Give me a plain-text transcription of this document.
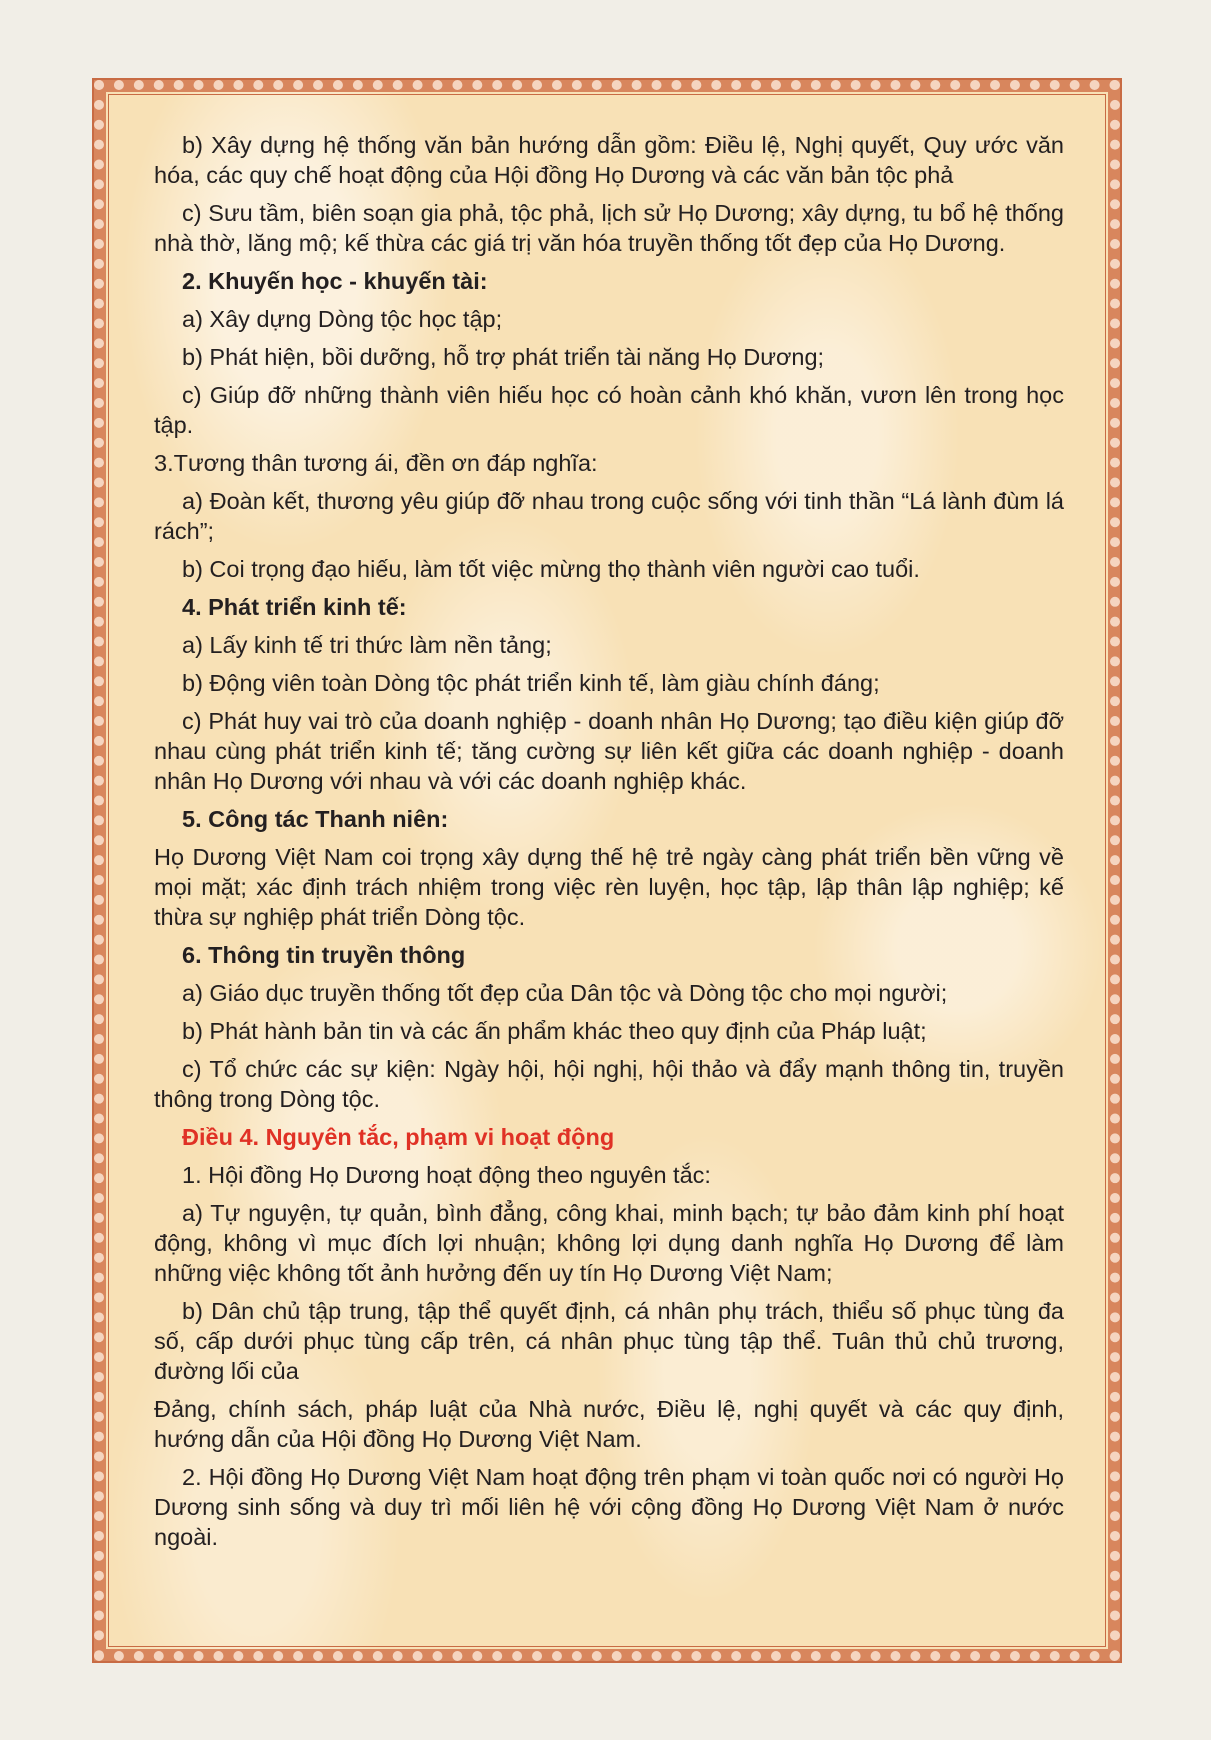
b) Xây dựng hệ thống văn bản hướng dẫn gồm: Điều lệ, Nghị quyết, Quy ước văn hóa, các quy chế hoạt động của Hội đồng Họ Dương và các văn bản tộc phả

c) Sưu tầm, biên soạn gia phả, tộc phả, lịch sử Họ Dương; xây dựng, tu bổ hệ thống nhà thờ, lăng mộ; kế thừa các giá trị văn hóa truyền thống tốt đẹp của Họ Dương.

2. Khuyến học - khuyến tài:

a) Xây dựng Dòng tộc học tập;

b) Phát hiện, bồi dưỡng, hỗ trợ phát triển tài năng Họ Dương;

c) Giúp đỡ những thành viên hiếu học có hoàn cảnh khó khăn, vươn lên trong học tập.

3.Tương thân tương ái, đền ơn đáp nghĩa:

a) Đoàn kết, thương yêu giúp đỡ nhau trong cuộc sống với tinh thần “Lá lành đùm lá rách”;

b) Coi trọng đạo hiếu, làm tốt việc mừng thọ thành viên người cao tuổi.

4. Phát triển kinh tế:

a) Lấy kinh tế tri thức làm nền tảng;

b) Động viên toàn Dòng tộc phát triển kinh tế, làm giàu chính đáng;

c) Phát huy vai trò của doanh nghiệp - doanh nhân Họ Dương; tạo điều kiện giúp đỡ nhau cùng phát triển kinh tế; tăng cường sự liên kết giữa các doanh nghiệp - doanh nhân Họ Dương với nhau và với các doanh nghiệp khác.

5. Công tác Thanh niên:

Họ Dương Việt Nam coi trọng xây dựng thế hệ trẻ ngày càng phát triển bền vững về mọi mặt; xác định trách nhiệm trong việc rèn luyện, học tập, lập thân lập nghiệp; kế thừa sự nghiệp phát triển Dòng tộc.

6. Thông tin truyền thông

a) Giáo dục truyền thống tốt đẹp của Dân tộc và Dòng tộc cho mọi người;

b) Phát hành bản tin và các ấn phẩm khác theo quy định của Pháp luật;

c) Tổ chức các sự kiện: Ngày hội, hội nghị, hội thảo và đẩy mạnh thông tin, truyền thông trong Dòng tộc.

Điều 4. Nguyên tắc, phạm vi hoạt động

1. Hội đồng Họ Dương hoạt động theo nguyên tắc:

a) Tự nguyện, tự quản, bình đẳng, công khai, minh bạch; tự bảo đảm kinh phí hoạt động, không vì mục đích lợi nhuận; không lợi dụng danh nghĩa Họ Dương để làm những việc không tốt ảnh hưởng đến uy tín Họ Dương Việt Nam;

b) Dân chủ tập trung, tập thể quyết định, cá nhân phụ trách, thiểu số phục tùng đa số, cấp dưới phục tùng cấp trên, cá nhân phục tùng tập thể. Tuân thủ chủ trương, đường lối của

Đảng, chính sách, pháp luật của Nhà nước, Điều lệ, nghị quyết và các quy định, hướng dẫn của Hội đồng Họ Dương Việt Nam.

2. Hội đồng Họ Dương Việt Nam hoạt động trên phạm vi toàn quốc nơi có người Họ Dương sinh sống và duy trì mối liên hệ với cộng đồng Họ Dương Việt Nam ở nước ngoài.
